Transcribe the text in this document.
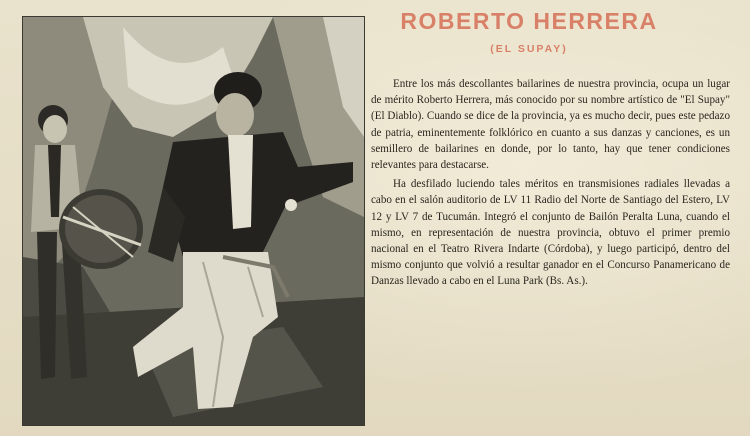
ROBERTO HERRERA
(EL SUPAY)

Entre los más descollantes bailarines de nuestra provincia, ocupa un lugar de mérito Roberto Herrera, más conocido por su nombre artístico de "El Supay" (El Diablo). Cuando se dice de la provincia, ya es mucho decir, pues este pedazo de patria, eminentemente folklórico en cuanto a sus danzas y canciones, es un semillero de bailarines en donde, por lo tanto, hay que tener condiciones relevantes para destacarse.

Ha desfilado luciendo tales méritos en transmisiones radiales llevadas a cabo en el salón auditorio de LV 11 Radio del Norte de Santiago del Estero, LV 12 y LV 7 de Tucumán. Integró el conjunto de Bailón Peralta Luna, cuando el mismo, en representación de nuestra provincia, obtuvo el primer premio nacional en el Teatro Rivera Indarte (Córdoba), y luego participó, dentro del mismo conjunto que volvió a resultar ganador en el Concurso Panamericano de Danzas llevado a cabo en el Luna Park (Bs. As.).
